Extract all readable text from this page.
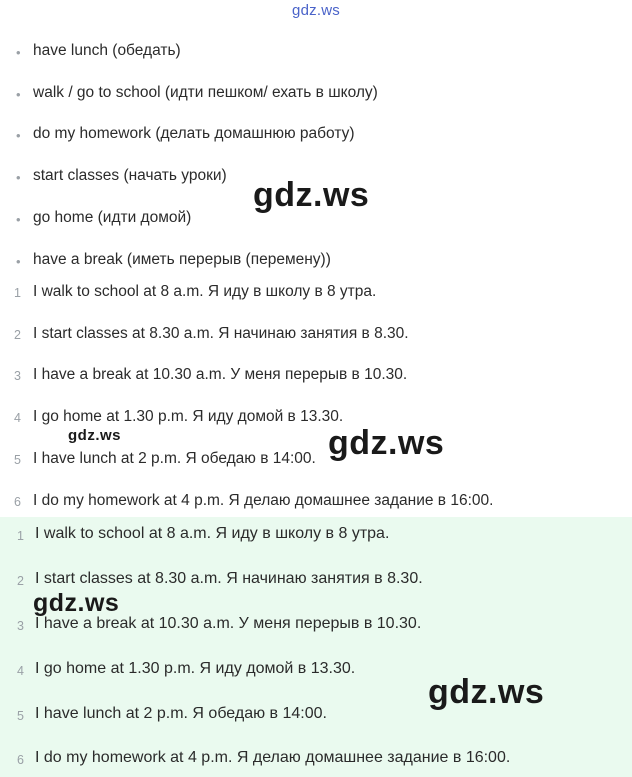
gdz.ws
• have lunch (обедать)
• walk / go to school (идти пешком/ ехать в школу)
• do my homework (делать домашнюю работу)
• start classes (начать уроки)
• go home (идти домой)
• have a break (иметь перерыв (перемену))
1 I walk to school at 8 a.m. Я иду в школу в 8 утра.
2 I start classes at 8.30 a.m. Я начинаю занятия в 8.30.
3 I have a break at 10.30 a.m. У меня перерыв в 10.30.
4 I go home at 1.30 p.m. Я иду домой в 13.30.
5 I have lunch at 2 p.m. Я обедаю в 14:00.
6 I do my homework at 4 p.m. Я делаю домашнее задание в 16:00.
1 I walk to school at 8 a.m. Я иду в школу в 8 утра.
2 I start classes at 8.30 a.m. Я начинаю занятия в 8.30.
3 I have a break at 10.30 a.m. У меня перерыв в 10.30.
4 I go home at 1.30 p.m. Я иду домой в 13.30.
5 I have lunch at 2 p.m. Я обедаю в 14:00.
6 I do my homework at 4 p.m. Я делаю домашнее задание в 16:00.
gdz.ws
gdz.ws	gdz.ws
gdz.ws
gdz.ws
